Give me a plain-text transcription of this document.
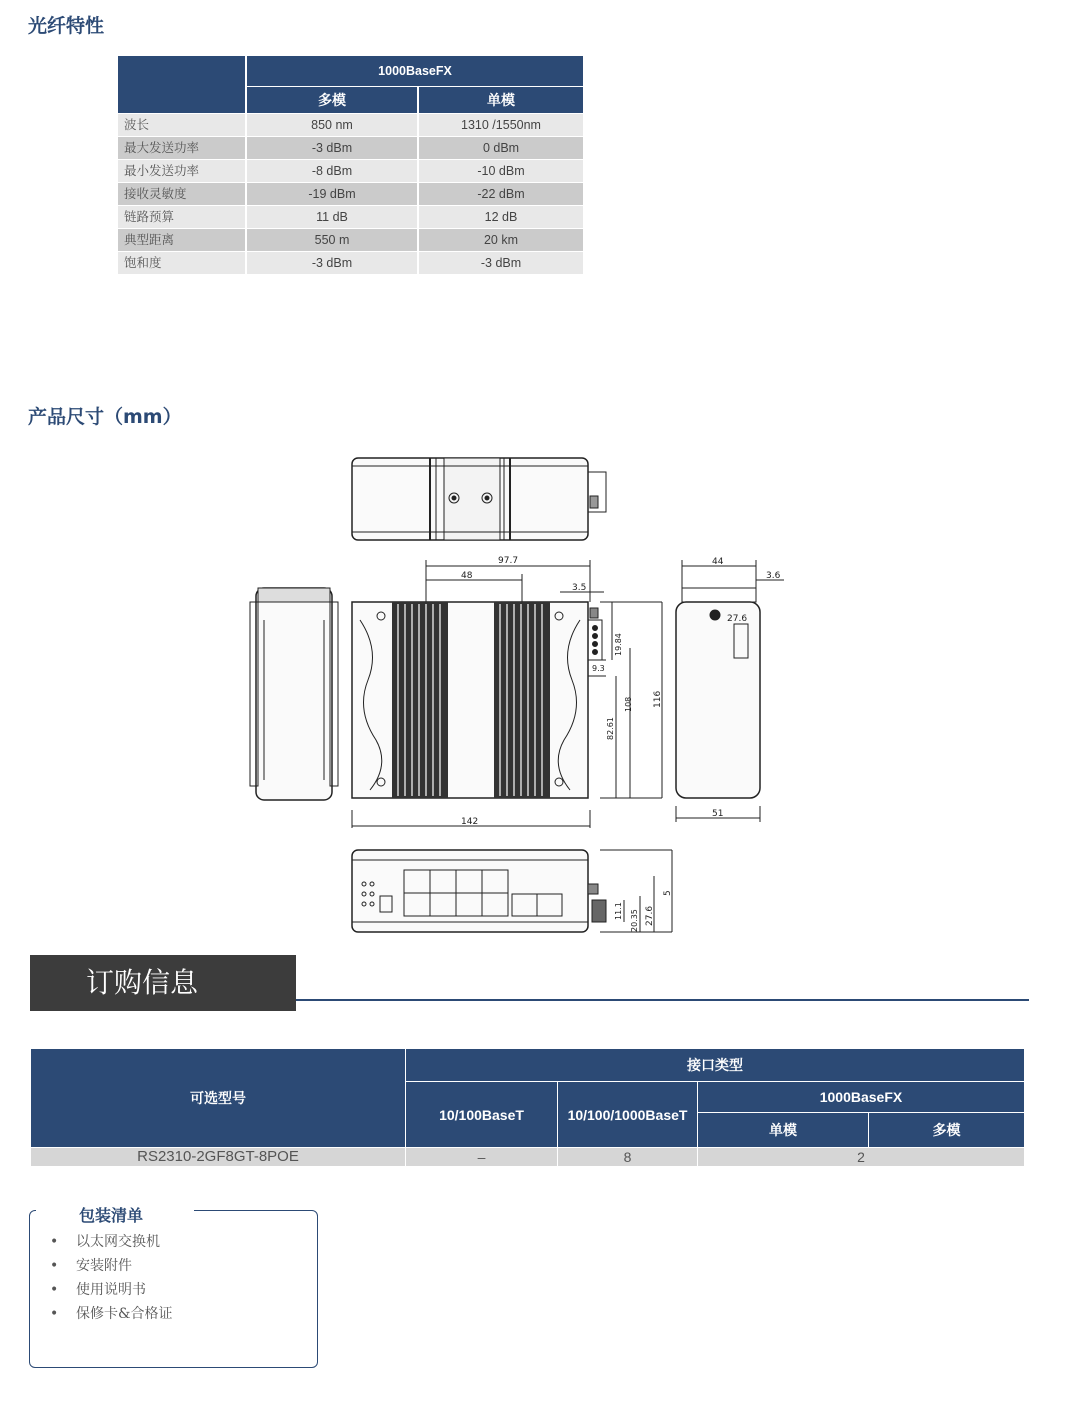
光纤特性
	1000BaseFX	
	多模	单模
波长	850 nm	1310 /1550nm
最大发送功率	-3 dBm	0 dBm
最小发送功率	-8 dBm	-10 dBm
接收灵敏度	-19 dBm	-22 dBm
链路预算	11 dB	12 dB
典型距离	550 m	20 km
饱和度	-3 dBm	-3 dBm
产品尺寸（mm）
97.7
48
3.5
142
9.3
19.84
82.61
108 116
44
3.6
27.6
51
11.1 20.35 27.6
5
订购信息
可选型号	接口类型			
	10/100BaseT	10/100/1000BaseT	1000BaseFX	
			单模	多模
RS2310-2GF8GT-8POE	–	8	2	
包装清单
• 以太网交换机
• 安装附件
• 使用说明书
• 保修卡&合格证
